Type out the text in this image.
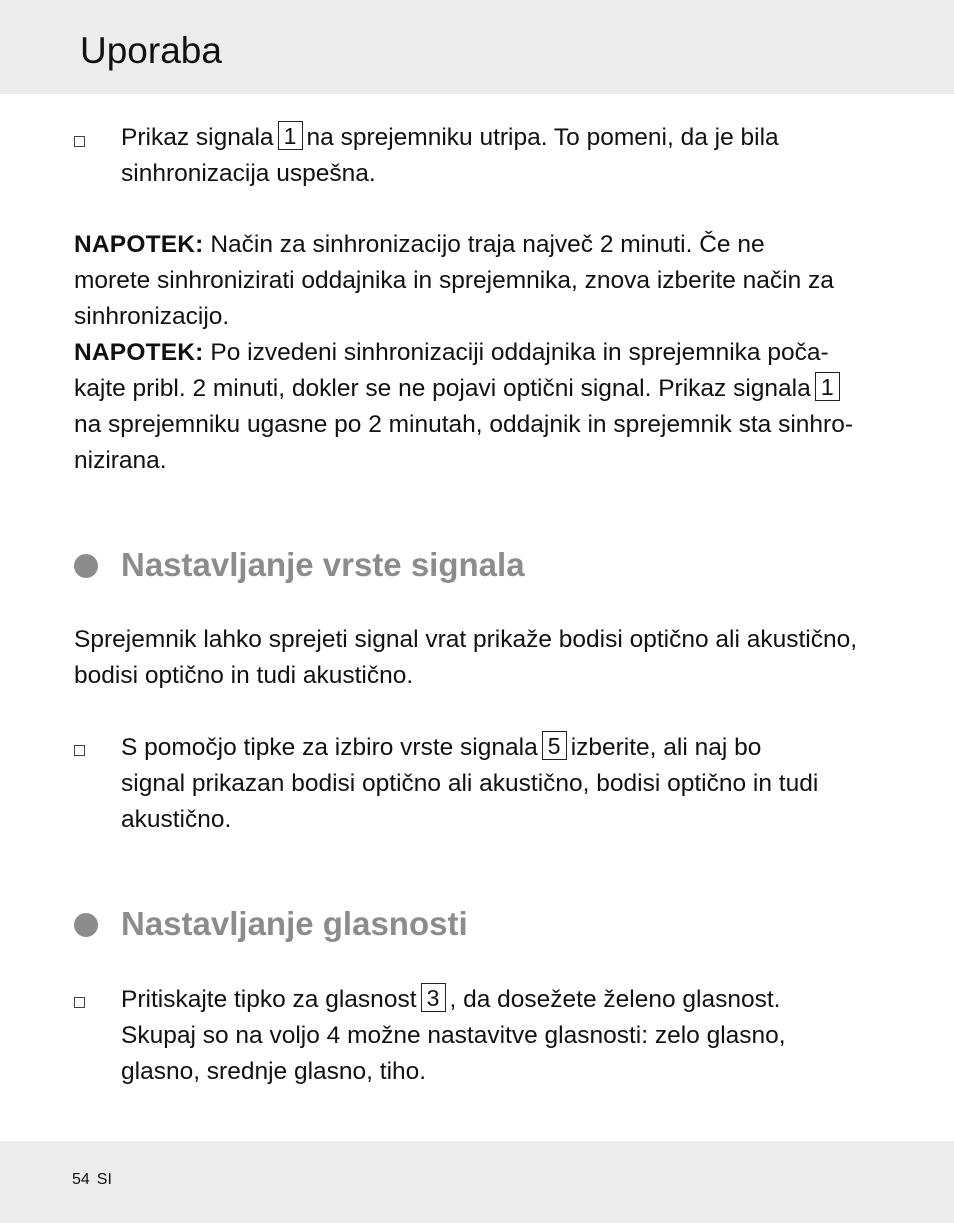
Uporaba
Prikaz signala 1 na sprejemniku utripa. To pomeni, da je bila
sinhronizacija uspešna.
NAPOTEK: Način za sinhronizacijo traja največ 2 minuti. Če ne
morete sinhronizirati oddajnika in sprejemnika, znova izberite način za
sinhronizacijo.
NAPOTEK: Po izvedeni sinhronizaciji oddajnika in sprejemnika poča-
kajte pribl. 2 minuti, dokler se ne pojavi optični signal. Prikaz signala 1
na sprejemniku ugasne po 2 minutah, oddajnik in sprejemnik sta sinhro-
nizirana.
Nastavljanje vrste signala
Sprejemnik lahko sprejeti signal vrat prikaže bodisi optično ali akustično,
bodisi optično in tudi akustično.
S pomočjo tipke za izbiro vrste signala 5 izberite, ali naj bo
signal prikazan bodisi optično ali akustično, bodisi optično in tudi
akustično.
Nastavljanje glasnosti
Pritiskajte tipko za glasnost 3 , da dosežete želeno glasnost.
Skupaj so na voljo 4 možne nastavitve glasnosti: zelo glasno,
glasno, srednje glasno, tiho.
54 SI
